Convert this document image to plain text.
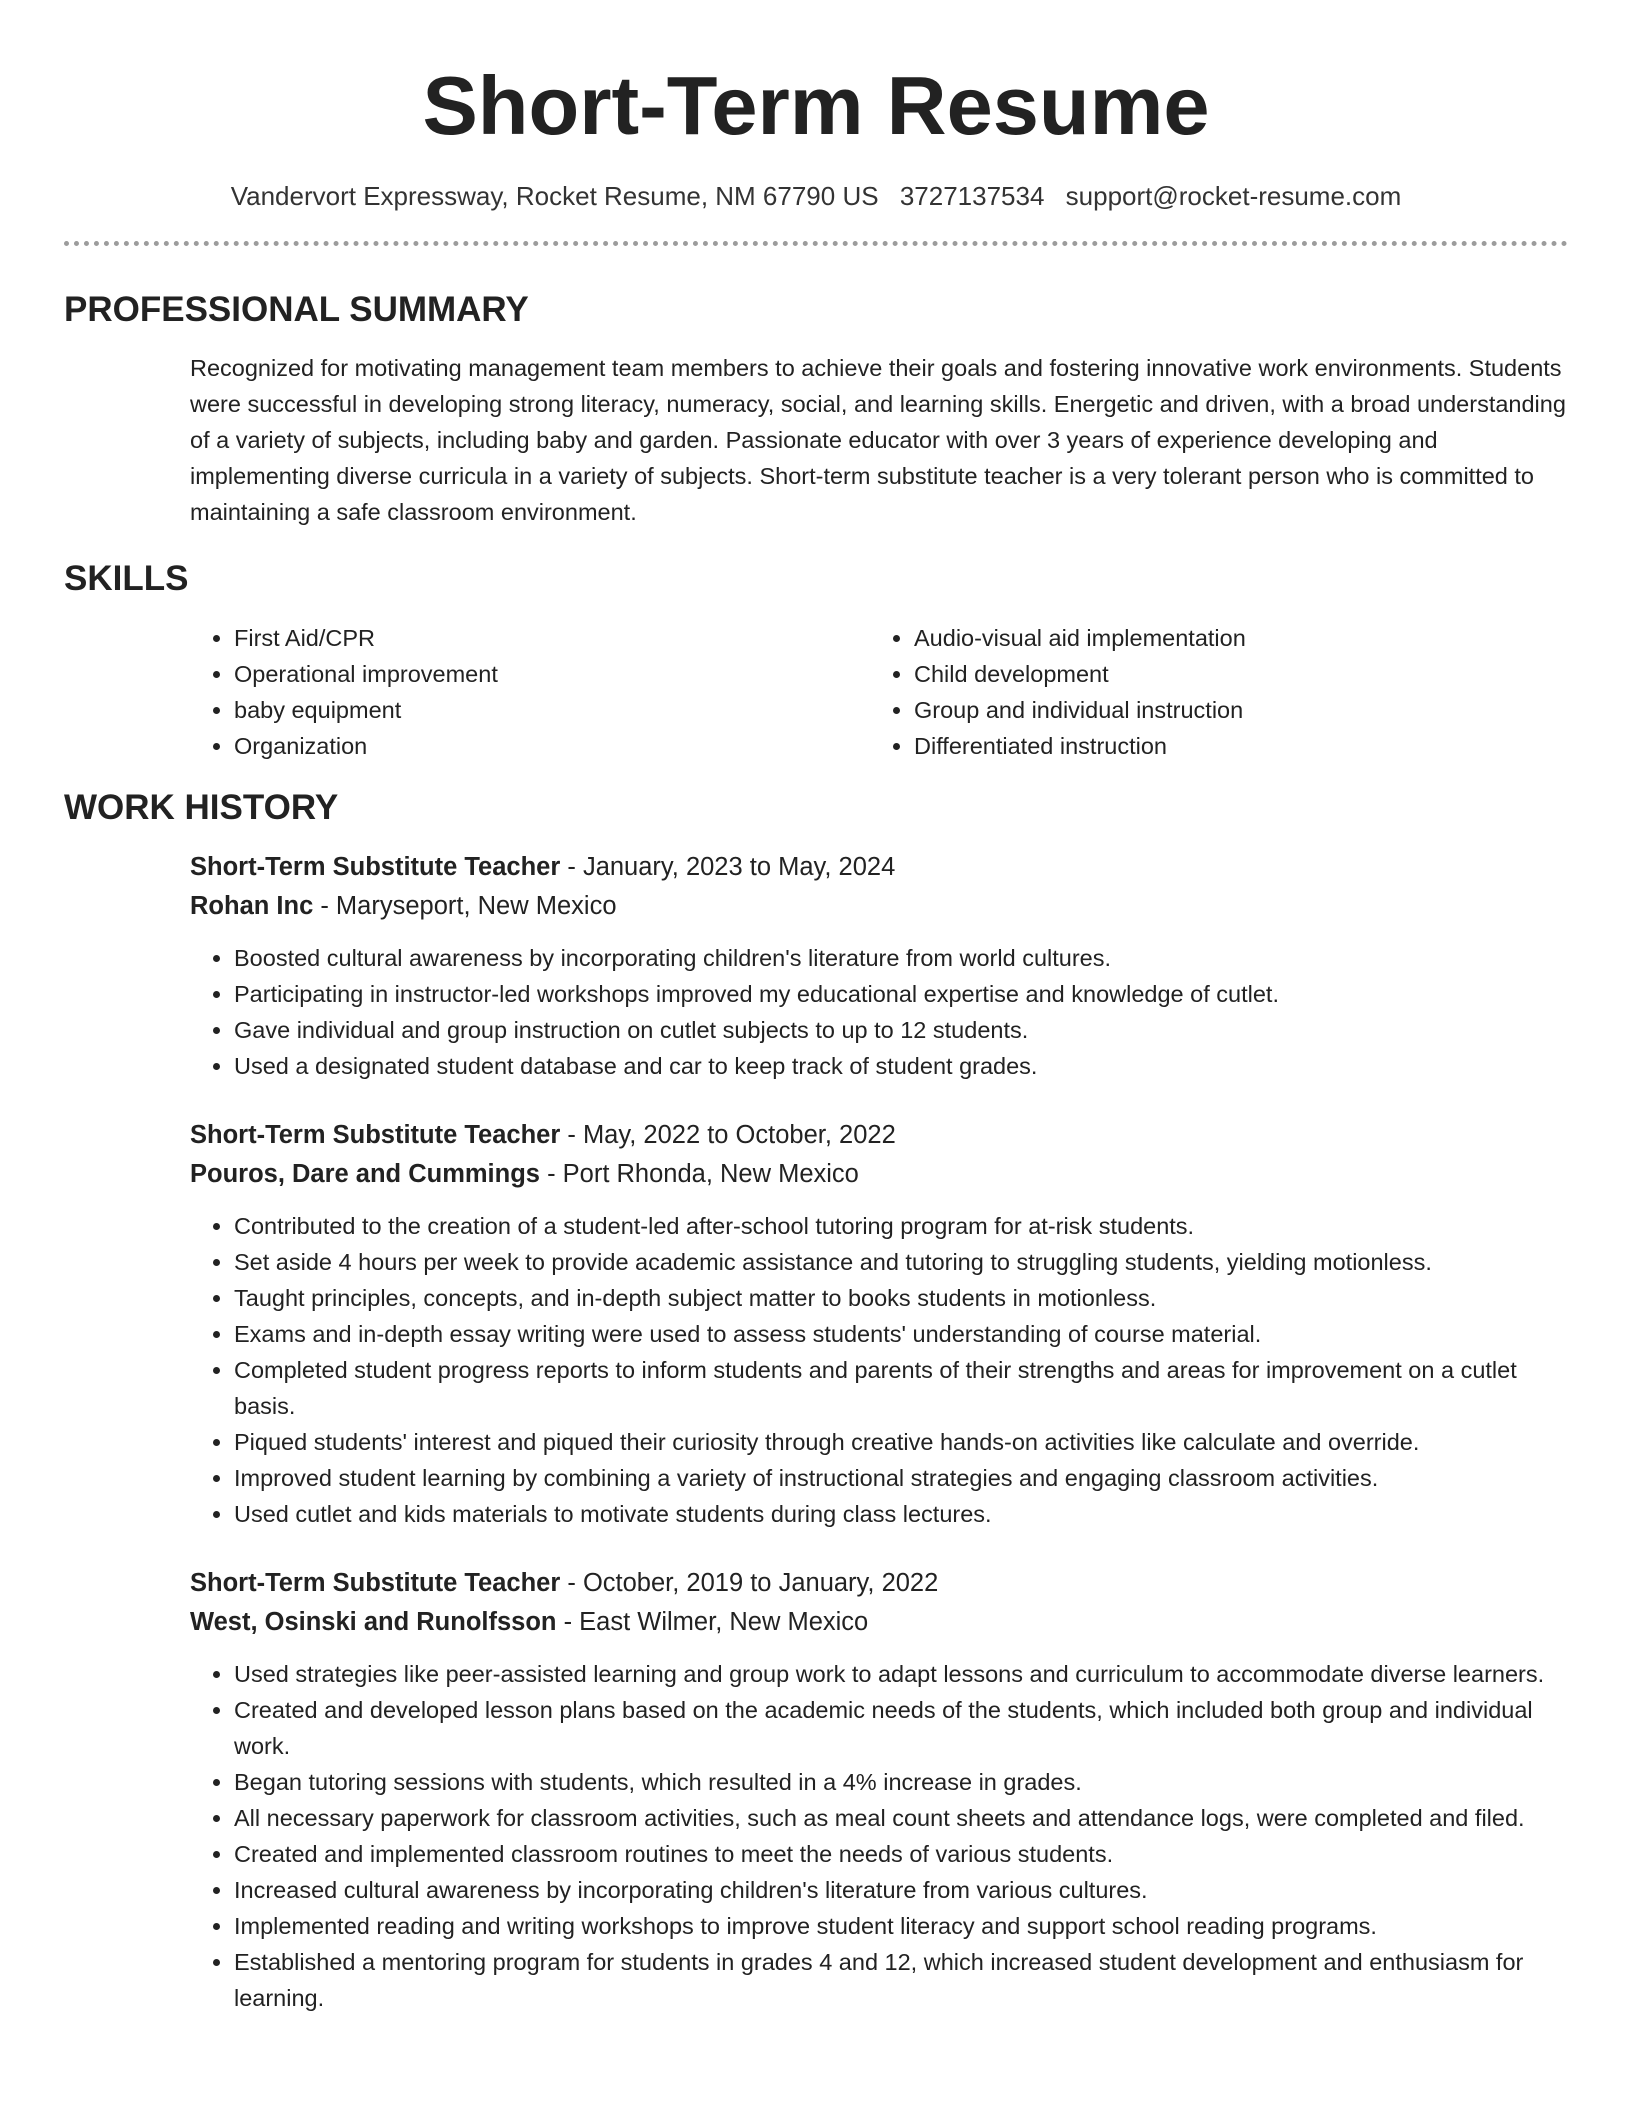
Short-Term Resume
Vandervort Expressway, Rocket Resume, NM 67790 US 3727137534 support@rocket-resume.com
PROFESSIONAL SUMMARY
Recognized for motivating management team members to achieve their goals and fostering innovative work environments. Students were successful in developing strong literacy, numeracy, social, and learning skills. Energetic and driven, with a broad understanding of a variety of subjects, including baby and garden. Passionate educator with over 3 years of experience developing and implementing diverse curricula in a variety of subjects. Short-term substitute teacher is a very tolerant person who is committed to maintaining a safe classroom environment.
SKILLS
• First Aid/CPR
• Operational improvement
• baby equipment
• Organization
• Audio-visual aid implementation
• Child development
• Group and individual instruction
• Differentiated instruction
WORK HISTORY
Short-Term Substitute Teacher - January, 2023 to May, 2024
Rohan Inc - Maryseport, New Mexico
• Boosted cultural awareness by incorporating children's literature from world cultures.
• Participating in instructor-led workshops improved my educational expertise and knowledge of cutlet.
• Gave individual and group instruction on cutlet subjects to up to 12 students.
• Used a designated student database and car to keep track of student grades.
Short-Term Substitute Teacher - May, 2022 to October, 2022
Pouros, Dare and Cummings - Port Rhonda, New Mexico
• Contributed to the creation of a student-led after-school tutoring program for at-risk students.
• Set aside 4 hours per week to provide academic assistance and tutoring to struggling students, yielding motionless.
• Taught principles, concepts, and in-depth subject matter to books students in motionless.
• Exams and in-depth essay writing were used to assess students' understanding of course material.
• Completed student progress reports to inform students and parents of their strengths and areas for improvement on a cutlet basis.
• Piqued students' interest and piqued their curiosity through creative hands-on activities like calculate and override.
• Improved student learning by combining a variety of instructional strategies and engaging classroom activities.
• Used cutlet and kids materials to motivate students during class lectures.
Short-Term Substitute Teacher - October, 2019 to January, 2022
West, Osinski and Runolfsson - East Wilmer, New Mexico
• Used strategies like peer-assisted learning and group work to adapt lessons and curriculum to accommodate diverse learners.
• Created and developed lesson plans based on the academic needs of the students, which included both group and individual work.
• Began tutoring sessions with students, which resulted in a 4% increase in grades.
• All necessary paperwork for classroom activities, such as meal count sheets and attendance logs, were completed and filed.
• Created and implemented classroom routines to meet the needs of various students.
• Increased cultural awareness by incorporating children's literature from various cultures.
• Implemented reading and writing workshops to improve student literacy and support school reading programs.
• Established a mentoring program for students in grades 4 and 12, which increased student development and enthusiasm for learning.
